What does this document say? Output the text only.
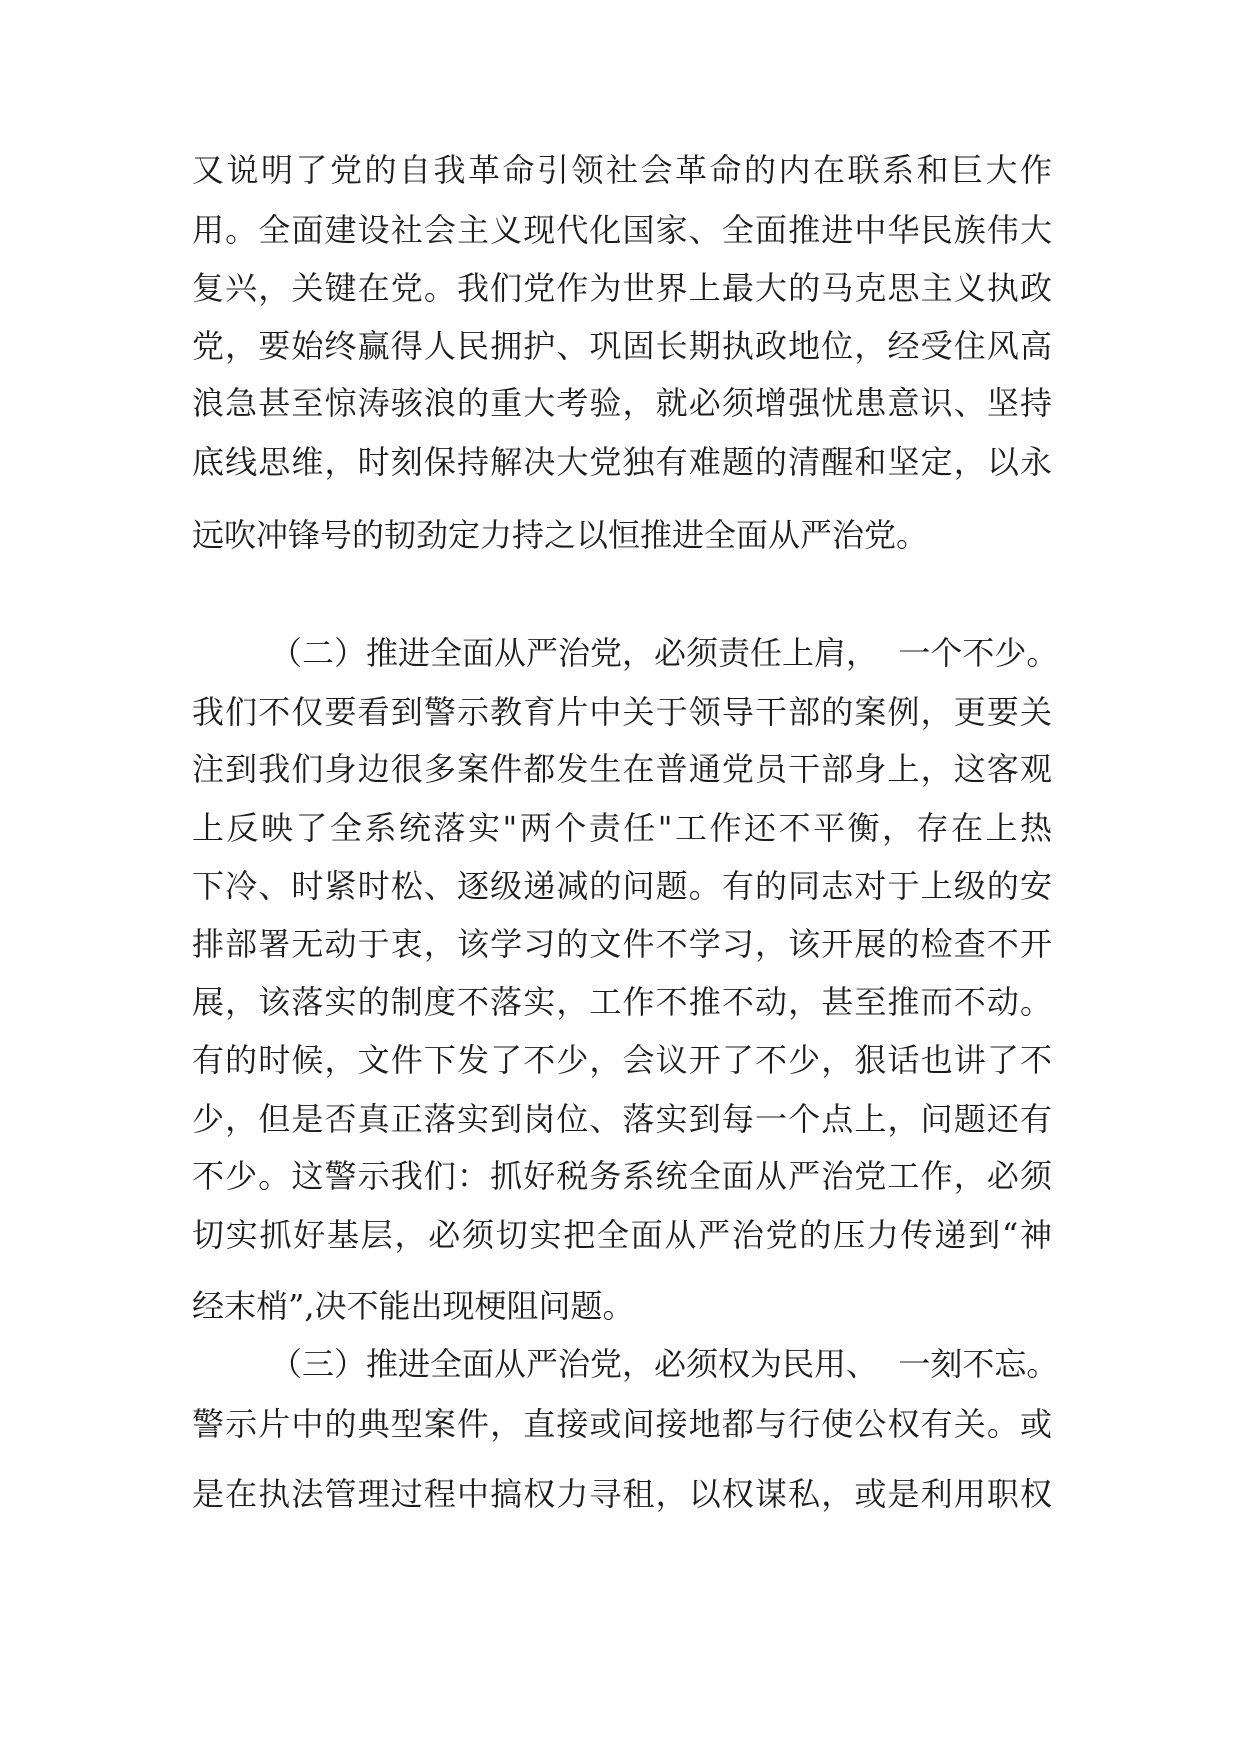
又说明了党的自我革命引领社会革命的内在联系和巨大作

用。全面建设社会主义现代化国家、全面推进中华民族伟大

复兴，关键在党。我们党作为世界上最大的马克思主义执政

党，要始终赢得人民拥护、巩固长期执政地位，经受住风高

浪急甚至惊涛骇浪的重大考验，就必须增强忧患意识、坚持

底线思维，时刻保持解决大党独有难题的清醒和坚定，以永

远吹冲锋号的韧劲定力持之以恒推进全面从严治党。

（二）推进全面从严治党，必须责任上肩，  一个不少。

我们不仅要看到警示教育片中关于领导干部的案例，更要关

注到我们身边很多案件都发生在普通党员干部身上，这客观

上反映了全系统落实"两个责任"工作还不平衡，存在上热

下冷、时紧时松、逐级递减的问题。有的同志对于上级的安

排部署无动于衷，该学习的文件不学习，该开展的检查不开

展，该落实的制度不落实，工作不推不动，甚至推而不动。

有的时候，文件下发了不少，会议开了不少，狠话也讲了不

少，但是否真正落实到岗位、落实到每一个点上，问题还有

不少。这警示我们：抓好税务系统全面从严治党工作，必须

切实抓好基层，必须切实把全面从严治党的压力传递到“神

经末梢”,决不能出现梗阻问题。

（三）推进全面从严治党，必须权为民用、  一刻不忘。

警示片中的典型案件，直接或间接地都与行使公权有关。或

是在执法管理过程中搞权力寻租，以权谋私，或是利用职权
